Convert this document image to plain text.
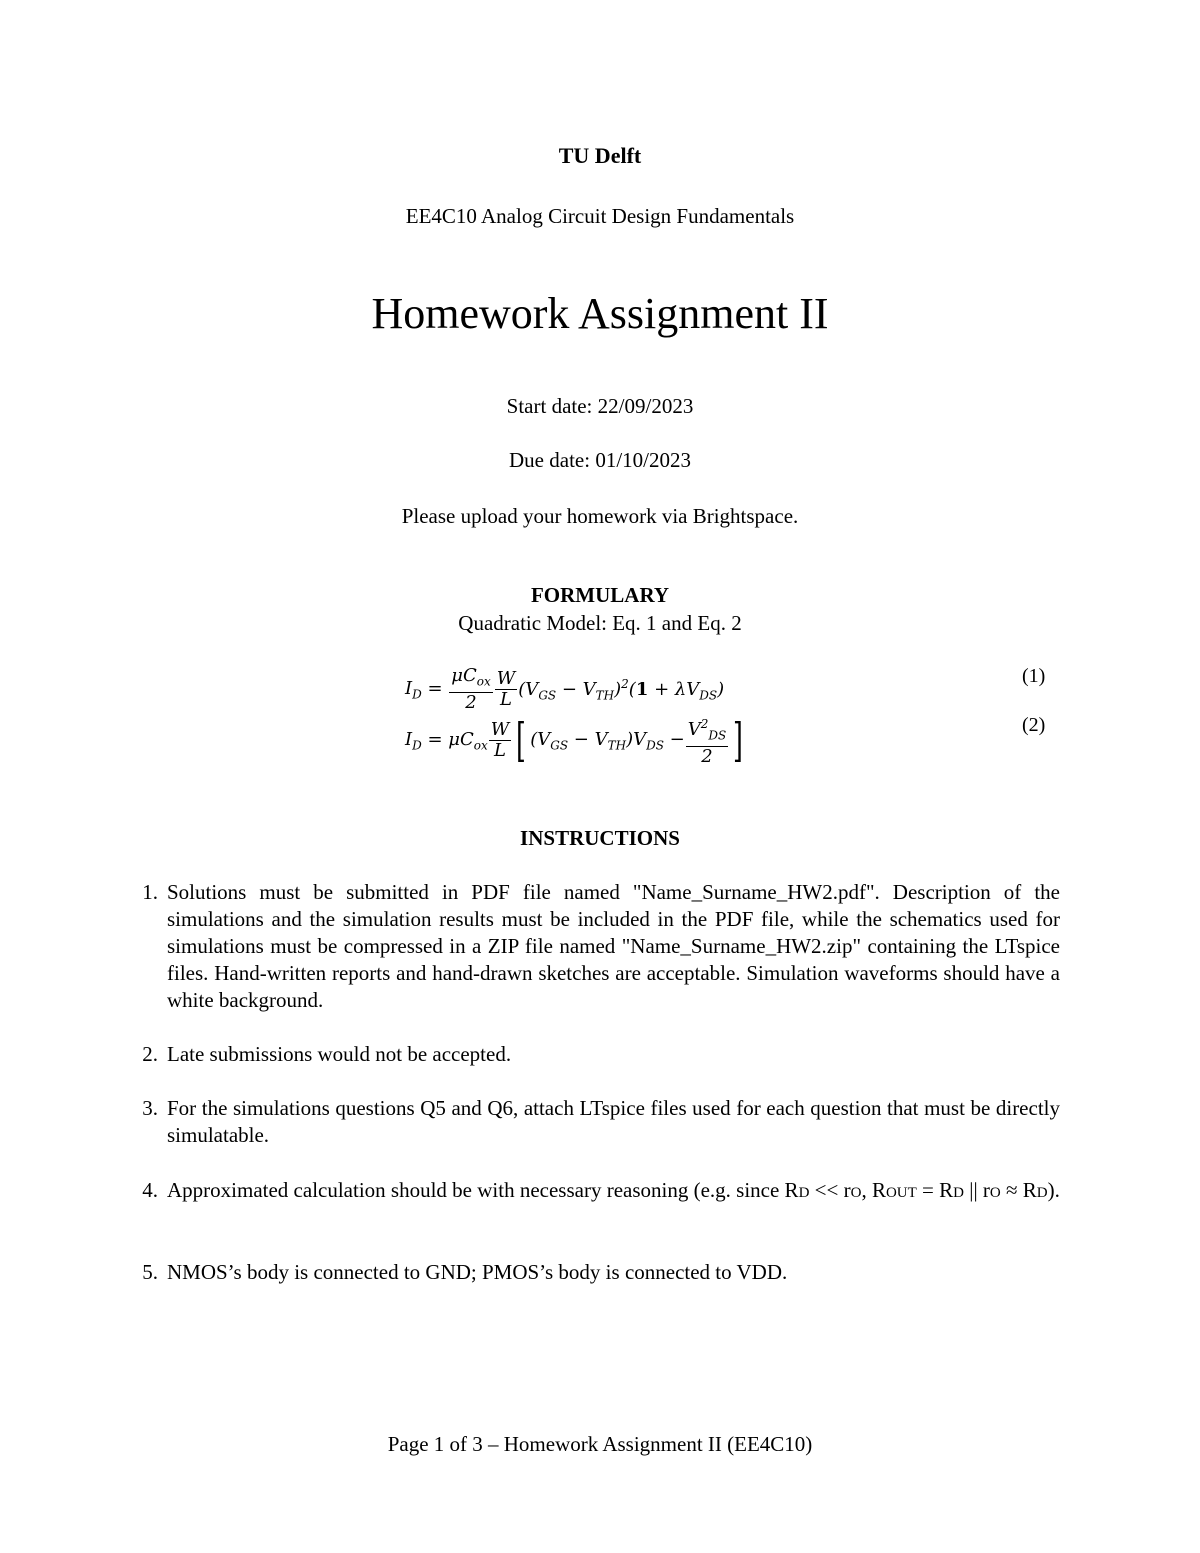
TU Delft
EE4C10 Analog Circuit Design Fundamentals
Homework Assignment II
Start date: 22/09/2023
Due date: 01/10/2023
Please upload your homework via Brightspace.
FORMULARY
Quadratic Model: Eq. 1 and Eq. 2
$I_D = \frac{\mu C_{ox}}{2} \frac{W}{L} (V_{GS} - V_{TH})^2(1 + \lambda V_{DS})$
(1)
$I_D = \mu C_{ox} \frac{W}{L}$ [ $(V_{GS} - V_{TH})V_{DS} - \frac{V^2_{DS}}{2}$ ]	(2)
INSTRUCTIONS
1. Solutions must be submitted in PDF file named "Name_Surname_HW2.pdf". Description of the simulations and the simulation results must be included in the PDF file, while the schematics used for simulations must be compressed in a ZIP file named "Name_Surname_HW2.zip" containing the LTspice files. Hand-written reports and hand-drawn sketches are acceptable. Simulation waveforms should have a white background.
2. Late submissions would not be accepted.
3. For the simulations questions Q5 and Q6, attach LTspice files used for each question that must be directly simulatable.
4. Approximated calculation should be with necessary reasoning (e.g. since RD << rO, ROUT = RD || rO ≈ RD).
5. NMOS’s body is connected to GND; PMOS’s body is connected to VDD.
Page 1 of 3 – Homework Assignment II (EE4C10)
